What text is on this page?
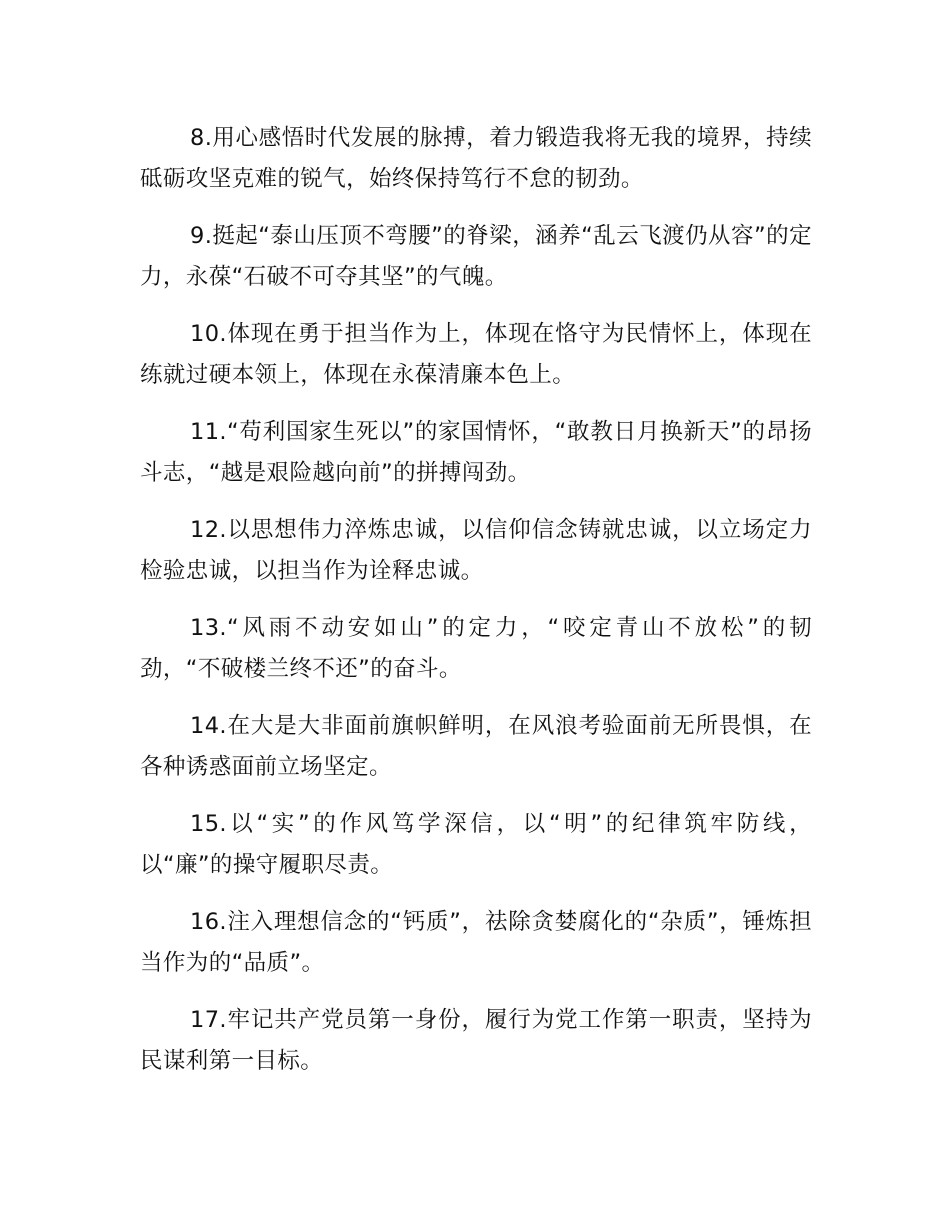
8.用心感悟时代发展的脉搏，着力锻造我将无我的境界，持续砥砺攻坚克难的锐气，始终保持笃行不怠的韧劲。

9.挺起“泰山压顶不弯腰”的脊梁，涵养“乱云飞渡仍从容”的定力，永葆“石破不可夺其坚”的气魄。

10.体现在勇于担当作为上，体现在恪守为民情怀上，体现在练就过硬本领上，体现在永葆清廉本色上。

11.“苟利国家生死以”的家国情怀，“敢教日月换新天”的昂扬斗志，“越是艰险越向前”的拼搏闯劲。

12.以思想伟力淬炼忠诚，以信仰信念铸就忠诚，以立场定力检验忠诚，以担当作为诠释忠诚。

13.“风雨不动安如山”的定力，“咬定青山不放松”的韧劲，“不破楼兰终不还”的奋斗。

14.在大是大非面前旗帜鲜明，在风浪考验面前无所畏惧，在各种诱惑面前立场坚定。

15.以“实”的作风笃学深信，以“明”的纪律筑牢防线，以“廉”的操守履职尽责。

16.注入理想信念的“钙质”，祛除贪婪腐化的“杂质”，锤炼担当作为的“品质”。

17.牢记共产党员第一身份，履行为党工作第一职责，坚持为民谋利第一目标。
